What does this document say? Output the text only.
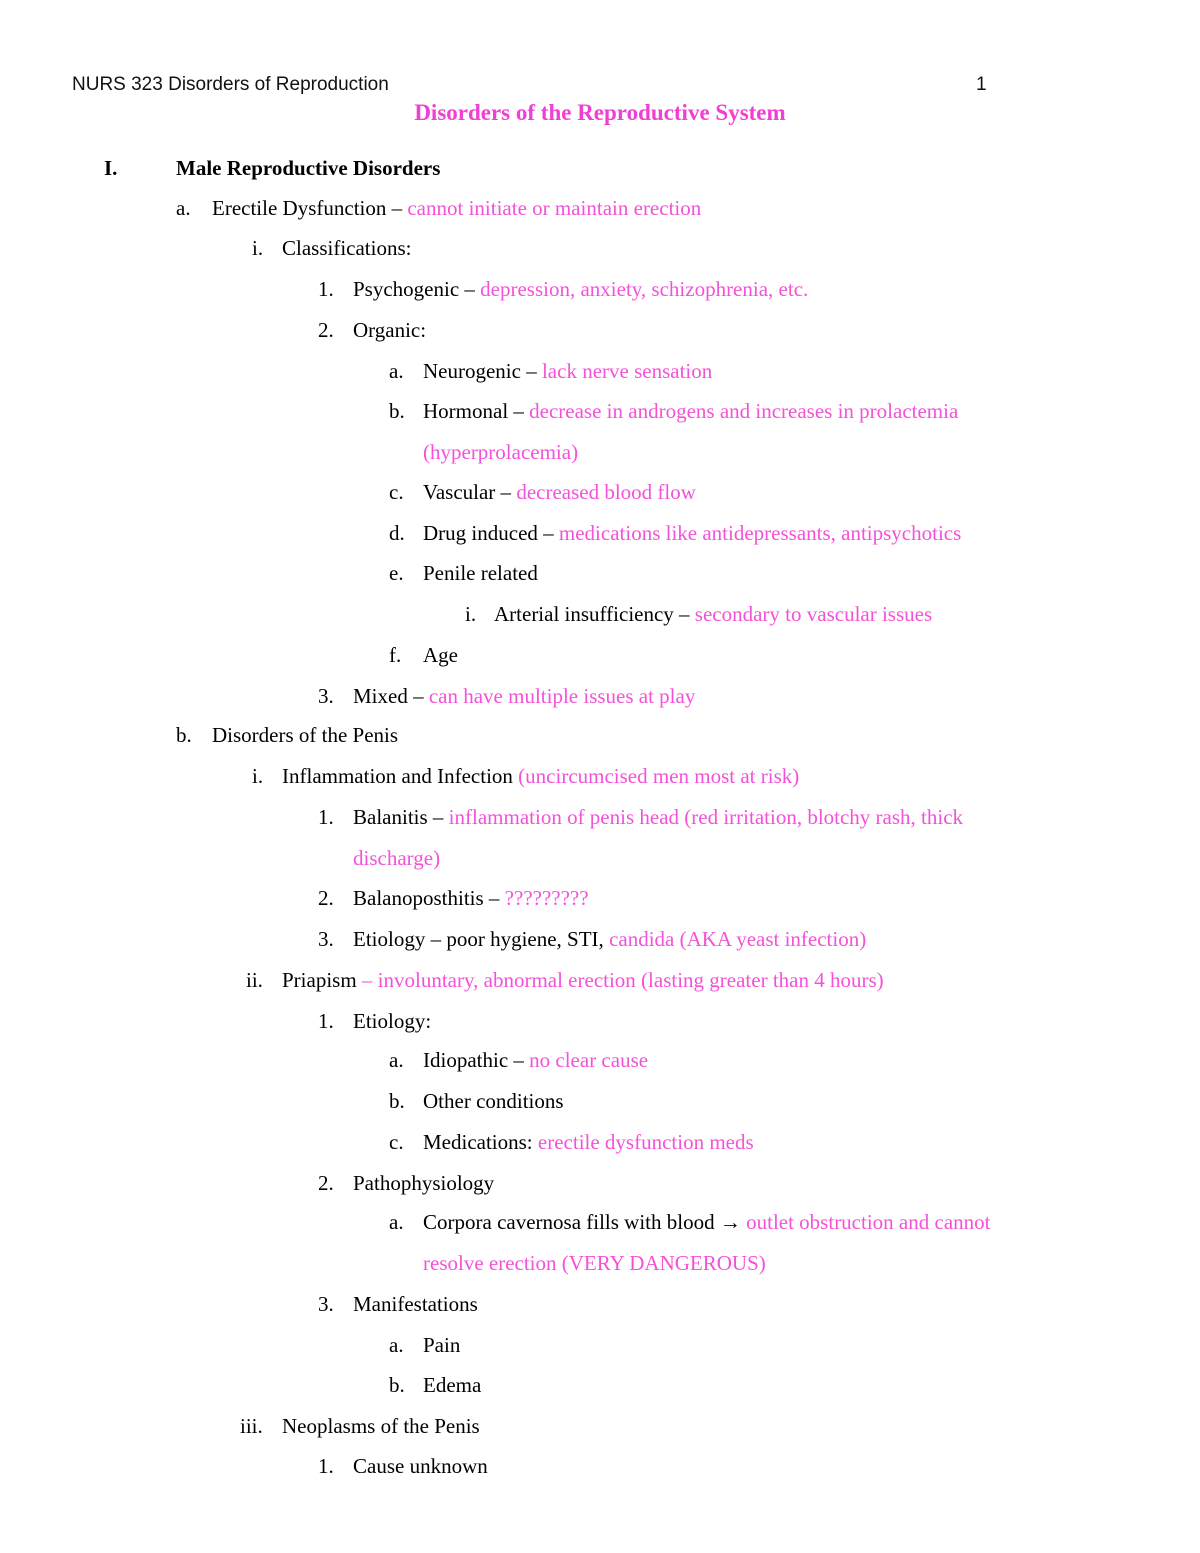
NURS 323 Disorders of Reproduction	1
Disorders of the Reproductive System
I.	Male Reproductive Disorders
a. Erectile Dysfunction – cannot initiate or maintain erection
i. Classifications:
1. Psychogenic – depression, anxiety, schizophrenia, etc.
2. Organic:
a. Neurogenic – lack nerve sensation
b. Hormonal – decrease in androgens and increases in prolactemia
(hyperprolacemia)
c. Vascular – decreased blood flow
d. Drug induced – medications like antidepressants, antipsychotics
e. Penile related
i. Arterial insufficiency – secondary to vascular issues
f. Age
3. Mixed – can have multiple issues at play
b. Disorders of the Penis
i. Inflammation and Infection (uncircumcised men most at risk)
1. Balanitis – inflammation of penis head (red irritation, blotchy rash, thick
discharge)
2. Balanoposthitis – ?????????
3. Etiology – poor hygiene, STI, candida (AKA yeast infection)
ii. Priapism – involuntary, abnormal erection (lasting greater than 4 hours)
1. Etiology:
a. Idiopathic – no clear cause
b. Other conditions
c. Medications: erectile dysfunction meds
2. Pathophysiology
a. Corpora cavernosa fills with blood → outlet obstruction and cannot
resolve erection (VERY DANGEROUS)
3. Manifestations
a. Pain
b. Edema
iii. Neoplasms of the Penis
1. Cause unknown
